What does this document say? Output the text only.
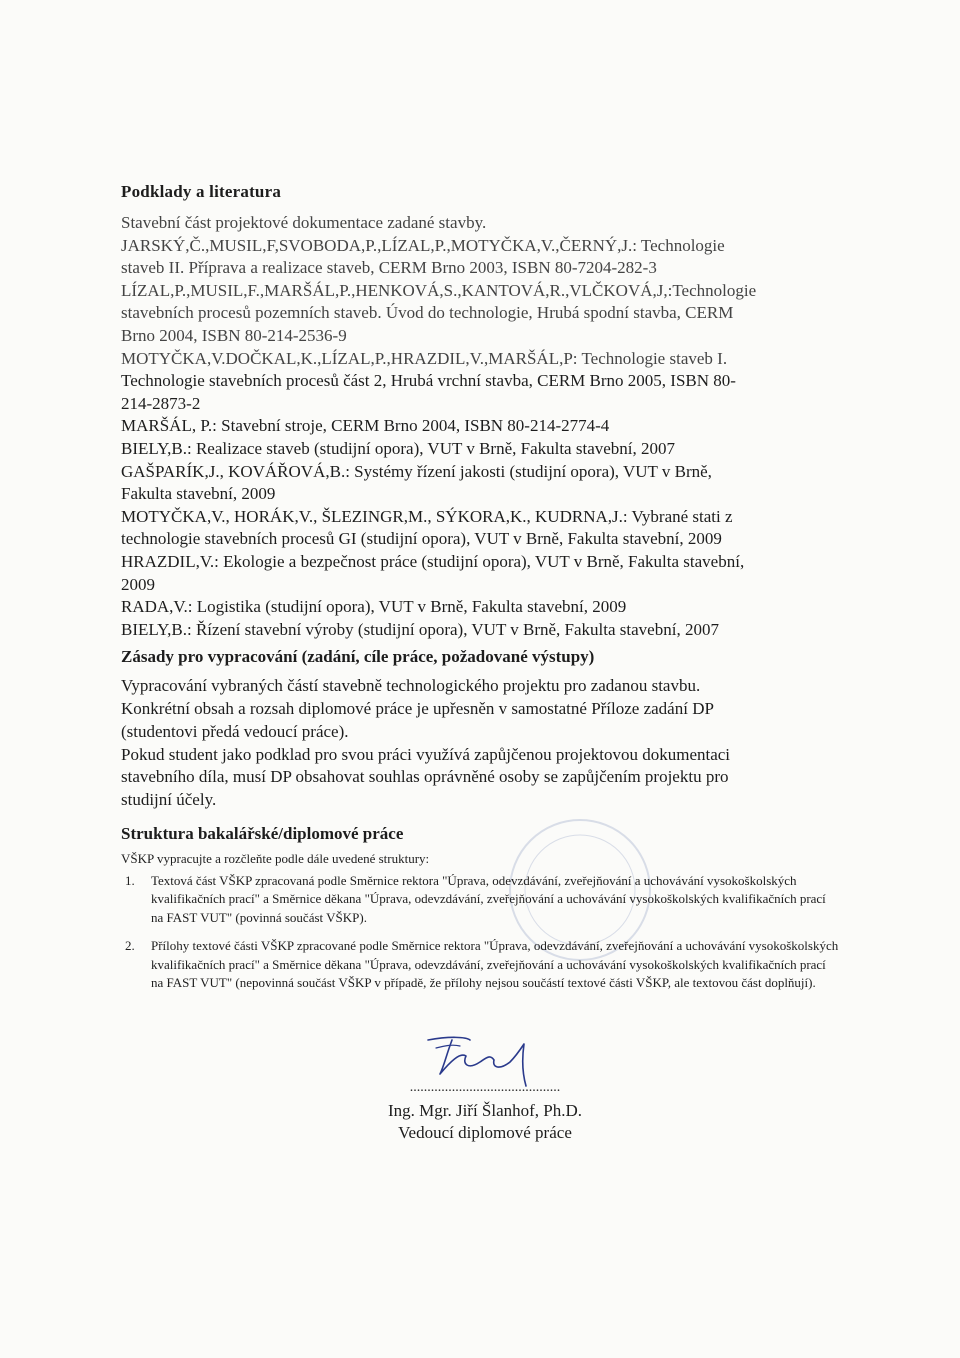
Podklady a literatura
Stavební část projektové dokumentace zadané stavby.
JARSKÝ,Č.,MUSIL,F,SVOBODA,P.,LÍZAL,P.,MOTYČKA,V.,ČERNÝ,J.: Technologie
staveb II. Příprava a realizace staveb, CERM Brno 2003, ISBN 80-7204-282-3
LÍZAL,P.,MUSIL,F.,MARŠÁL,P.,HENKOVÁ,S.,KANTOVÁ,R.,VLČKOVÁ,J,:Technologie
stavebních procesů pozemních staveb. Úvod do technologie, Hrubá spodní stavba, CERM
Brno 2004, ISBN 80-214-2536-9
MOTYČKA,V.DOČKAL,K.,LÍZAL,P.,HRAZDIL,V.,MARŠÁL,P: Technologie staveb I.
Technologie stavebních procesů část 2, Hrubá vrchní stavba, CERM Brno 2005, ISBN 80-
214-2873-2
MARŠÁL, P.: Stavební stroje, CERM Brno 2004, ISBN 80-214-2774-4
BIELY,B.: Realizace staveb (studijní opora), VUT v Brně, Fakulta stavební, 2007
GAŠPARÍK,J., KOVÁŘOVÁ,B.: Systémy řízení jakosti (studijní opora), VUT v Brně,
Fakulta stavební, 2009
MOTYČKA,V., HORÁK,V., ŠLEZINGR,M., SÝKORA,K., KUDRNA,J.: Vybrané stati z
technologie stavebních procesů GI (studijní opora), VUT v Brně, Fakulta stavební, 2009
HRAZDIL,V.: Ekologie a bezpečnost práce (studijní opora), VUT v Brně, Fakulta stavební,
2009
RADA,V.: Logistika (studijní opora), VUT v Brně, Fakulta stavební, 2009
BIELY,B.: Řízení stavební výroby (studijní opora), VUT v Brně, Fakulta stavební, 2007
Zásady pro vypracování (zadání, cíle práce, požadované výstupy)

Vypracování vybraných částí stavebně technologického projektu pro zadanou stavbu.

Konkrétní obsah a rozsah diplomové práce je upřesněn v samostatné Příloze zadání DP

(studentovi předá vedoucí práce).

Pokud student jako podklad pro svou práci využívá zapůjčenou projektovou dokumentaci

stavebního díla, musí DP obsahovat souhlas oprávněné osoby se zapůjčením projektu pro

studijní účely.

Struktura bakalářské/diplomové práce

VŠKP vypracujte a rozčleňte podle dále uvedené struktury:

1.	Textová část VŠKP zpracovaná podle Směrnice rektora "Úprava, odevzdávání, zveřejňování a uchovávání vysokoškolských kvalifikačních prací" a Směrnice děkana "Úprava, odevzdávání, zveřejňování a uchovávání vysokoškolských kvalifikačních prací na FAST VUT" (povinná součást VŠKP).
2.	Přílohy textové části VŠKP zpracované podle Směrnice rektora "Úprava, odevzdávání, zveřejňování a uchovávání vysokoškolských kvalifikačních prací" a Směrnice děkana "Úprava, odevzdávání, zveřejňování a uchovávání vysokoškolských kvalifikačních prací na FAST VUT" (nepovinná součást VŠKP v případě, že přílohy nejsou součástí textové části VŠKP, ale textovou část doplňují).
...........................................
Ing. Mgr. Jiří Šlanhof, Ph.D.
Vedoucí diplomové práce
